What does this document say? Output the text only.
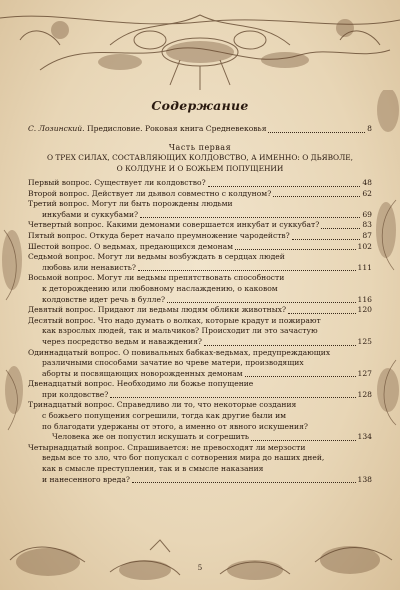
Содержание
С. Лозинский. Предисловие. Роковая книга Средневековья	8
Часть первая
О ТРЕХ СИЛАХ, СОСТАВЛЯЮЩИХ КОЛДОВСТВО, А ИМЕННО: О ДЬЯВОЛЕ,
О КОЛДУНЕ И О БОЖЬЕМ ПОПУЩЕНИИ
Первый вопрос. Существует ли колдовство?	48
Второй вопрос. Действует ли дьявол совместно с колдуном?	62
Третий вопрос. Могут ли быть порождены людьми
инкубами и суккубами?	69
Четвертый вопрос. Какими демонами совершается инкубат и суккубат?	83
Пятый вопрос. Откуда берет начало преумножение чародейств?	87
Шестой вопрос. О ведьмах, предающихся демонам	102
Седьмой вопрос. Могут ли ведьмы возбуждать в сердцах людей
любовь или ненависть?	111
Восьмой вопрос. Могут ли ведьмы препятствовать способности
к деторождению или любовному наслаждению, о каковом
колдовстве идет речь в булле?	116
Девятый вопрос. Придают ли ведьмы людям облики животных?	120
Десятый вопрос. Что надо думать о волках, которые крадут и пожирают
как взрослых людей, так и мальчиков? Происходит ли это зачастую
через посредство ведьм и наваждения?	125
Одиннадцатый вопрос. О повивальных бабках-ведьмах, предупреждающих
различными способами зачатие во чреве матери, производящих
аборты и посвящающих новорожденных демонам	127
Двенадцатый вопрос. Необходимо ли божье попущение
при колдовстве?	128
Тринадцатый вопрос. Справедливо ли то, что некоторые создания
с божьего попущения согрешили, тогда как другие были им
по благодати удержаны от этого, а именно от явного искушения?
Человека же он попустил искушать и согрешить	134
Четырнадцатый вопрос. Спрашивается: не превосходят ли мерзости
ведьм все то зло, что бог попускал с сотворения мира до наших дней,
как в смысле преступления, так и в смысле наказания
и нанесенного вреда?	138
5
